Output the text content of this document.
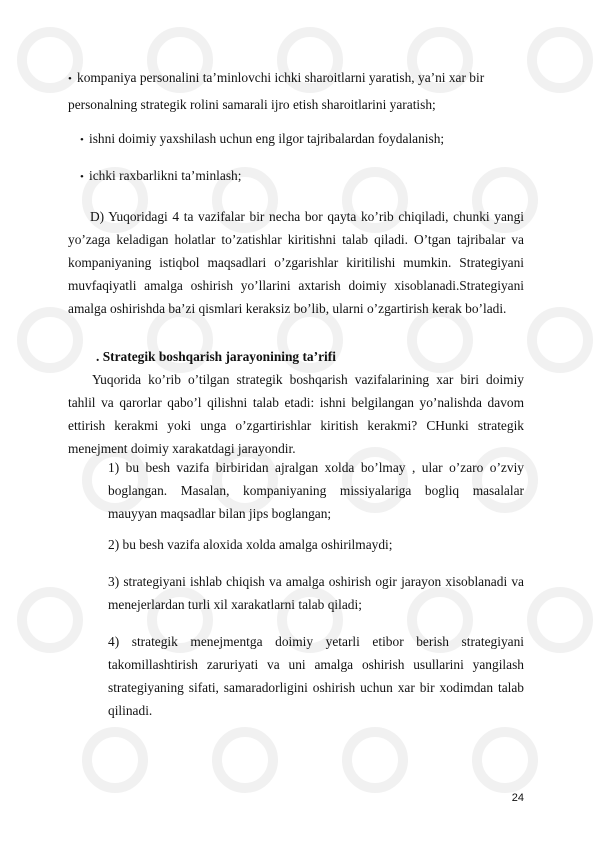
• kompaniya personalini ta’minlovchi ichki sharoitlarni yaratish, ya’ni xar bir

personalning strategik rolini samarali ijro etish sharoitlarini yaratish;

• ishni doimiy yaxshilash uchun eng ilgor tajribalardan foydalanish;
• ichki raxbarlikni ta’minlash;

D) Yuqoridagi 4 ta vazifalar bir necha bor qayta ko’rib chiqiladi, chunki yangi yo’zaga keladigan holatlar to’zatishlar kiritishni talab qiladi. O’tgan tajribalar va kompaniyaning istiqbol maqsadlari o’zgarishlar kiritilishi mumkin. Strategiyani muvfaqiyatli amalga oshirish yo’llarini axtarish doimiy xisoblanadi.Strategiyani amalga oshirishda ba’zi qismlari keraksiz bo’lib, ularni o’zgartirish kerak bo’ladi.

. Strategik boshqarish jarayonining ta’rifi

Yuqorida ko’rib o’tilgan strategik boshqarish vazifalarining xar biri doimiy tahlil va qarorlar qabo’l qilishni talab etadi: ishni belgilangan yo’nalishda davom ettirish kerakmi yoki unga o’zgartirishlar kiritish kerakmi? CHunki strategik menejment doimiy xarakatdagi jarayondir.

1) bu besh vazifa birbiridan ajralgan xolda bo’lmay , ular o’zaro o’zviy boglangan. Masalan, kompaniyaning missiyalariga bogliq masalalar mauyyan maqsadlar bilan jips boglangan;

2) bu besh vazifa aloxida xolda amalga oshirilmaydi;

3) strategiyani ishlab chiqish va amalga oshirish ogir jarayon xisoblanadi va menejerlardan turli xil xarakatlarni talab qiladi;

4) strategik menejmentga doimiy yetarli etibor berish strategiyani takomillashtirish zaruriyati va uni amalga oshirish usullarini yangilash strategiyaning sifati, samaradorligini oshirish uchun xar bir xodimdan talab qilinadi.

24
